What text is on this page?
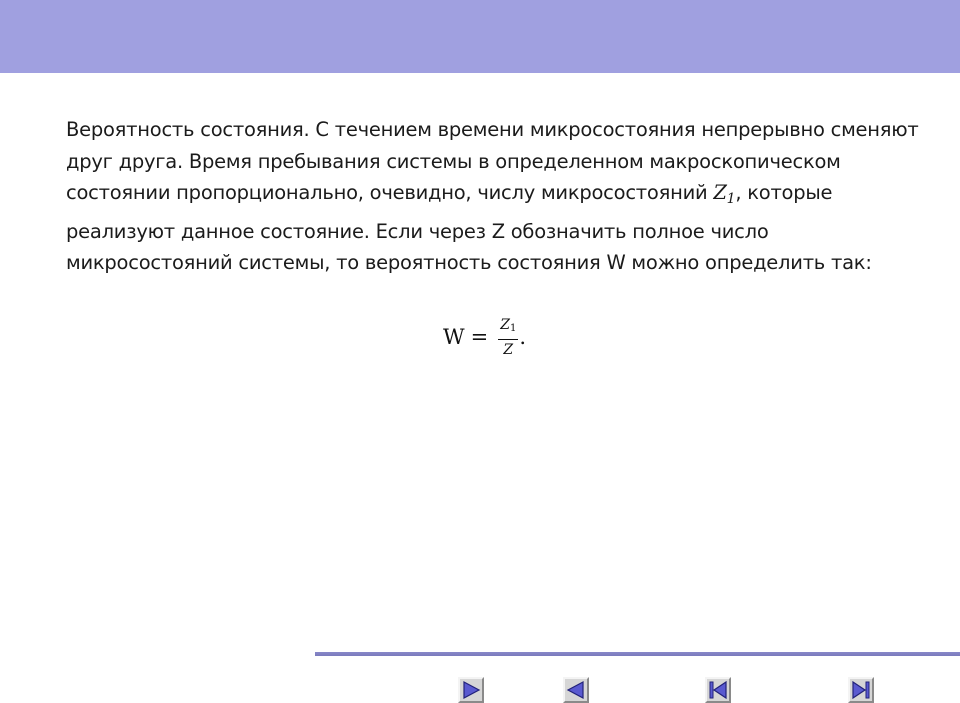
Вероятность состояния. С течением времени микросостояния непрерывно сменяют друг друга. Время пребывания системы в определенном макроскопическом состоянии пропорционально, очевидно, числу микросостояний $Z_1$, которые реализуют данное состояние. Если через Z обозначить полное число микросостояний системы, то вероятность состояния W можно определить так:

$W = \frac{Z_1}{Z}$ .
